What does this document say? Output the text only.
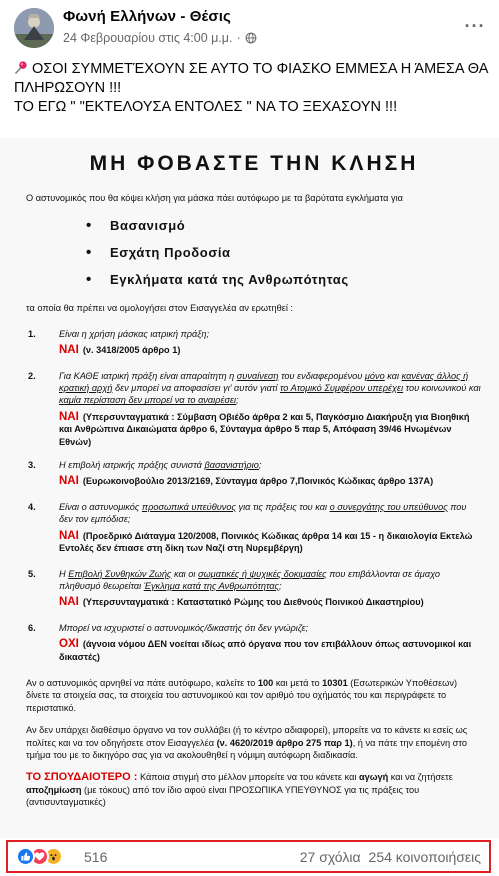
Φωνή Ελλήνων - Θέσις
24 Φεβρουαρίου στις 4:00 μ.μ. ·
···

ΟΣΟΙ ΣΥΜΜΕΤΈΧΟΥΝ ΣΕ ΑΥΤΟ ΤΟ ΦΙΑΣΚΟ ΕΜΜΕΣΑ Η ΆΜΕΣΑ ΘΑ ΠΛΗΡΩΣΟΥΝ !!!

ΤΟ ΕΓΩ " "ΕΚΤΕΛΟΥΣΑ ΕΝΤΟΛΕΣ " ΝΑ ΤΟ ΞΕΧΑΣΟΥΝ !!!

ΜΗ ΦΟΒΑΣΤΕ ΤΗΝ ΚΛΗΣΗ
Ο αστυνομικός που θα κόψει κλήση για μάσκα πάει αυτόφωρο με τα βαρύτατα εγκλήματα για
• Βασανισμό
• Εσχάτη Προδοσία
• Εγκλήματα κατά της Ανθρωπότητας
τα οποία θα πρέπει να ομολογήσει στον Εισαγγελέα αν ερωτηθεί :
1.	Είναι η χρήση μάσκας ιατρική πράξη;
ΝΑΙ (ν. 3418/2005 άρθρο 1)
2.	Για ΚΑΘΕ ιατρική πράξη είναι απαραίτητη η συναίνεση του ενδιαφερομένου μόνο και κανένας άλλος ή κρατική αρχή δεν μπορεί να αποφασίσει γι' αυτόν γιατί το Ατομικό Συμφέρον υπερέχει του κοινωνικού και καμία περίσταση δεν μπορεί να το αναιρέσει;
ΝΑΙ (Υπερσυνταγματικά : Σύμβαση Οβιέδο άρθρα 2 και 5, Παγκόσμιο Διακήρυξη για Βιοηθική και Ανθρώπινα Δικαιώματα άρθρο 6, Σύνταγμα άρθρο 5 παρ 5, Απόφαση 39/46 Ηνωμένων Εθνών)
3.	Η επιβολή ιατρικής πράξης συνιστά βασανιστήριο;
ΝΑΙ (Ευρωκοινοβούλιο 2013/2169, Σύνταγμα άρθρο 7,Ποινικός Κώδικας άρθρο 137Α)
4.	Είναι ο αστυνομικός προσωπικά υπεύθυνος για τις πράξεις του και ο συνεργάτης του υπεύθυνος που δεν τον εμπόδισε;
ΝΑΙ (Προεδρικό Διάταγμα 120/2008, Ποινικός Κώδικας άρθρα 14 και 15 - η δικαιολογία Εκτελώ Εντολές δεν έπιασε στη δίκη των Ναζί στη Νυρεμβέργη)
5.	Η Επιβολή Συνθηκών Ζωής και οι σωματικές ή ψυχικές δοκιμασίες που επιβάλλονται σε άμαχο πληθυσμό θεωρείται Έγκλημα κατά της Ανθρωπότητας;
ΝΑΙ (Υπερσυνταγματικά : Καταστατικό Ρώμης του Διεθνούς Ποινικού Δικαστηρίου)
6.	Μπορεί να ισχυριστεί ο αστυνομικός/δικαστής ότι δεν γνώριζε;
ΟΧΙ (άγνοια νόμου ΔΕΝ νοείται ιδίως από όργανα που τον επιβάλλουν όπως αστυνομικοί και δικαστές)
Αν ο αστυνομικός αρνηθεί να πάτε αυτόφωρο, καλείτε το 100 και μετά το 10301 (Εσωτερικών Υποθέσεων) δίνετε τα στοιχεία σας, τα στοιχεία του αστυνομικού και τον αριθμό του οχήματός του και περιγράφετε το περιστατικό.
Αν δεν υπάρχει διαθέσιμο όργανο να τον συλλάβει (ή το κέντρο αδιαφορεί), μπορείτε να το κάνετε κι εσείς ως πολίτες και να τον οδηγήσετε στον Εισαγγελέα (ν. 4620/2019 άρθρο 275 παρ 1), ή να πάτε την επομένη στο τμήμα του με το δικηγόρο σας για να ακολουθηθεί η νόμιμη αυτόφωρη διαδικασία.
ΤΟ ΣΠΟΥΔΑΙΟΤΕΡΟ : Κάποια στιγμή στο μέλλον μπορείτε να του κάνετε και αγωγή και να ζητήσετε αποζημίωση (με τόκους) από τον ίδιο αφού είναι ΠΡΟΣΩΠΙΚΑ ΥΠΕΥΘΥΝΟΣ για τις πράξεις του (αντισυνταγματικές)
516	27 σχόλια 254 κοινοποιήσεις
